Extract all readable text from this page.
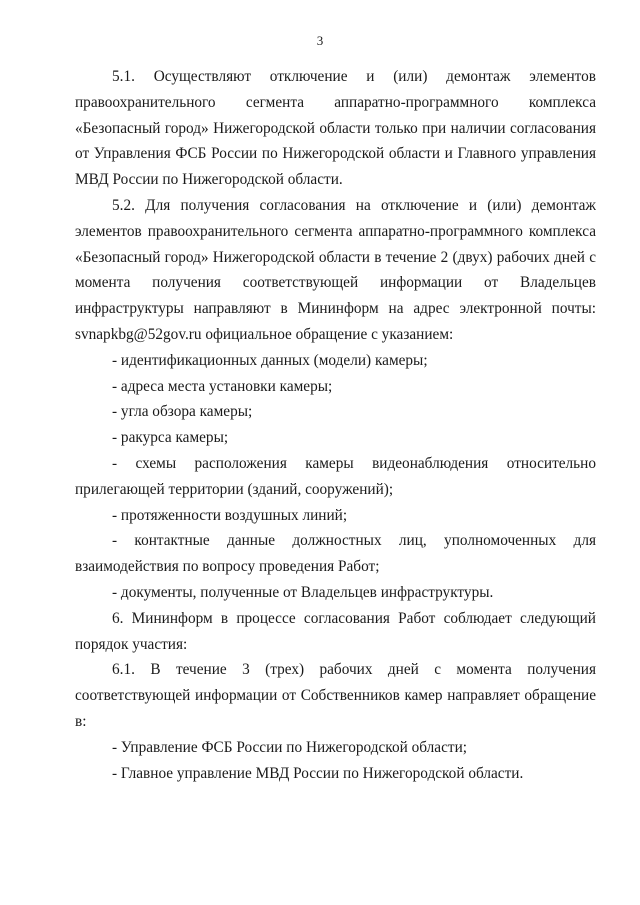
3

5.1. Осуществляют отключение и (или) демонтаж элементов правоохранительного сегмента аппаратно-программного комплекса «Безопасный город» Нижегородской области только при наличии согласования от Управления ФСБ России по Нижегородской области и Главного управления МВД России по Нижегородской области.

5.2. Для получения согласования на отключение и (или) демонтаж элементов правоохранительного сегмента аппаратно-программного комплекса «Безопасный город» Нижегородской области в течение 2 (двух) рабочих дней с момента получения соответствующей информации от Владельцев инфраструктуры направляют в Мининформ на адрес электронной почты: svnapkbg@52gov.ru официальное обращение с указанием:

- идентификационных данных (модели) камеры;

- адреса места установки камеры;

- угла обзора камеры;

- ракурса камеры;

- схемы расположения камеры видеонаблюдения относительно прилегающей территории (зданий, сооружений);

- протяженности воздушных линий;

- контактные данные должностных лиц, уполномоченных для взаимодействия по вопросу проведения Работ;

- документы, полученные от Владельцев инфраструктуры.

6. Мининформ в процессе согласования Работ соблюдает следующий порядок участия:

6.1. В течение 3 (трех) рабочих дней с момента получения соответствующей информации от Собственников камер направляет обращение в:

- Управление ФСБ России по Нижегородской области;

- Главное управление МВД России по Нижегородской области.
